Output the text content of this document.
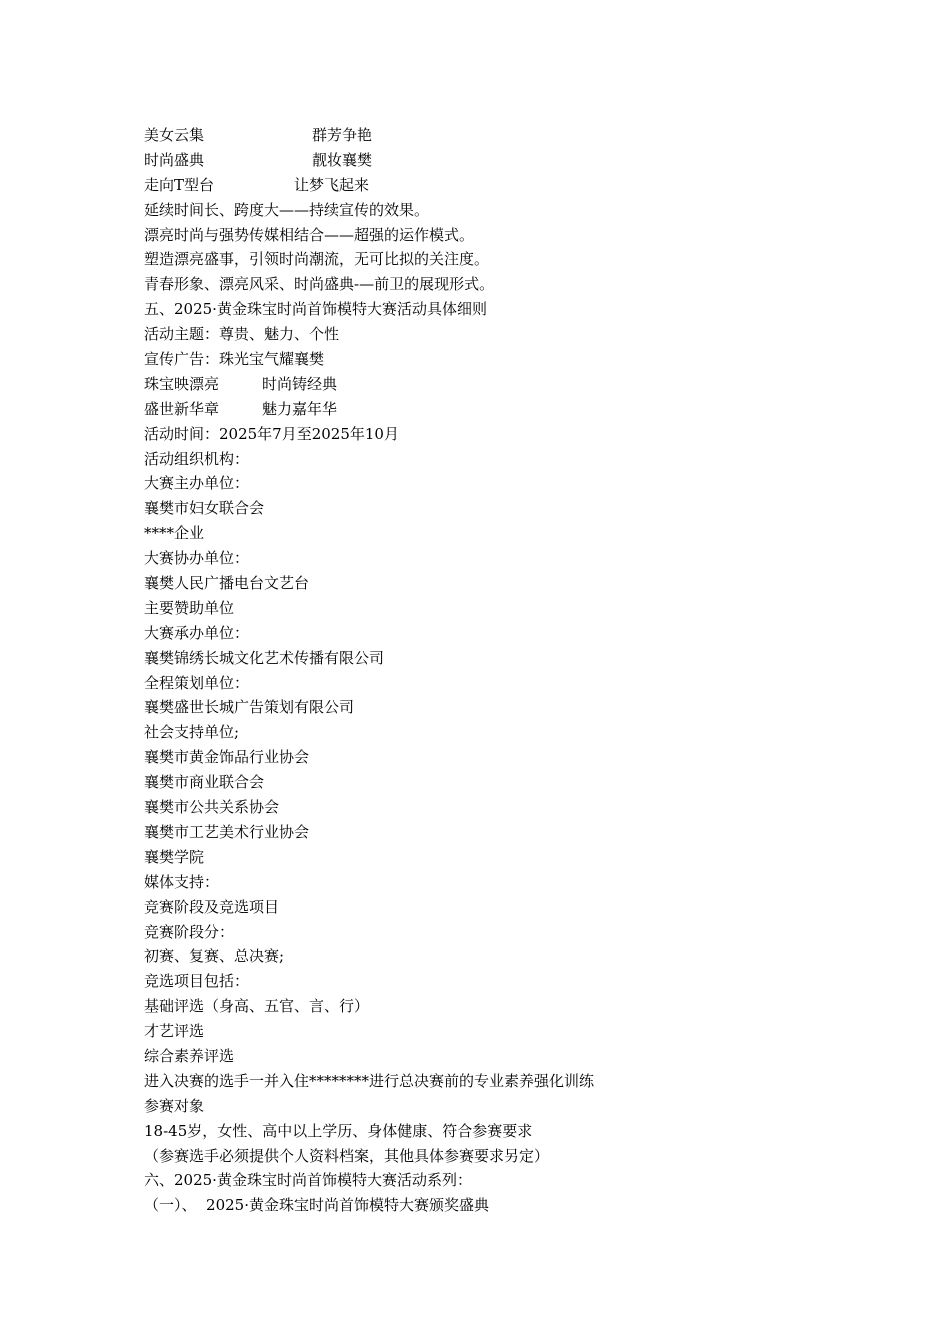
美女云集	群芳争艳
时尚盛典	靓妆襄樊
走向T型台	让梦飞起来
延续时间长、跨度大——持续宣传的效果。
漂亮时尚与强势传媒相结合——超强的运作模式。
塑造漂亮盛事，引领时尚潮流，无可比拟的关注度。
青春形象、漂亮风采、时尚盛典-—前卫的展现形式。
五、2025·黄金珠宝时尚首饰模特大赛活动具体细则
活动主题：尊贵、魅力、个性
宣传广告：珠光宝气耀襄樊
珠宝映漂亮	时尚铸经典
盛世新华章	魅力嘉年华
活动时间：2025年7月至2025年10月
活动组织机构：
大赛主办单位：
襄樊市妇女联合会
****企业
大赛协办单位：
襄樊人民广播电台文艺台
主要赞助单位
大赛承办单位：
襄樊锦绣长城文化艺术传播有限公司
全程策划单位：
襄樊盛世长城广告策划有限公司
社会支持单位;
襄樊市黄金饰品行业协会
襄樊市商业联合会
襄樊市公共关系协会
襄樊市工艺美术行业协会
襄樊学院
媒体支持：
竞赛阶段及竞选项目
竞赛阶段分：
初赛、复赛、总决赛;
竞选项目包括：
基础评选（身高、五官、言、行）
才艺评选
综合素养评选
进入决赛的选手一并入住********进行总决赛前的专业素养强化训练
参赛对象
18-45岁，女性、高中以上学历、身体健康、符合参赛要求
（参赛选手必须提供个人资料档案，其他具体参赛要求另定）
六、2025·黄金珠宝时尚首饰模特大赛活动系列：
（一）、  2025·黄金珠宝时尚首饰模特大赛颁奖盛典
